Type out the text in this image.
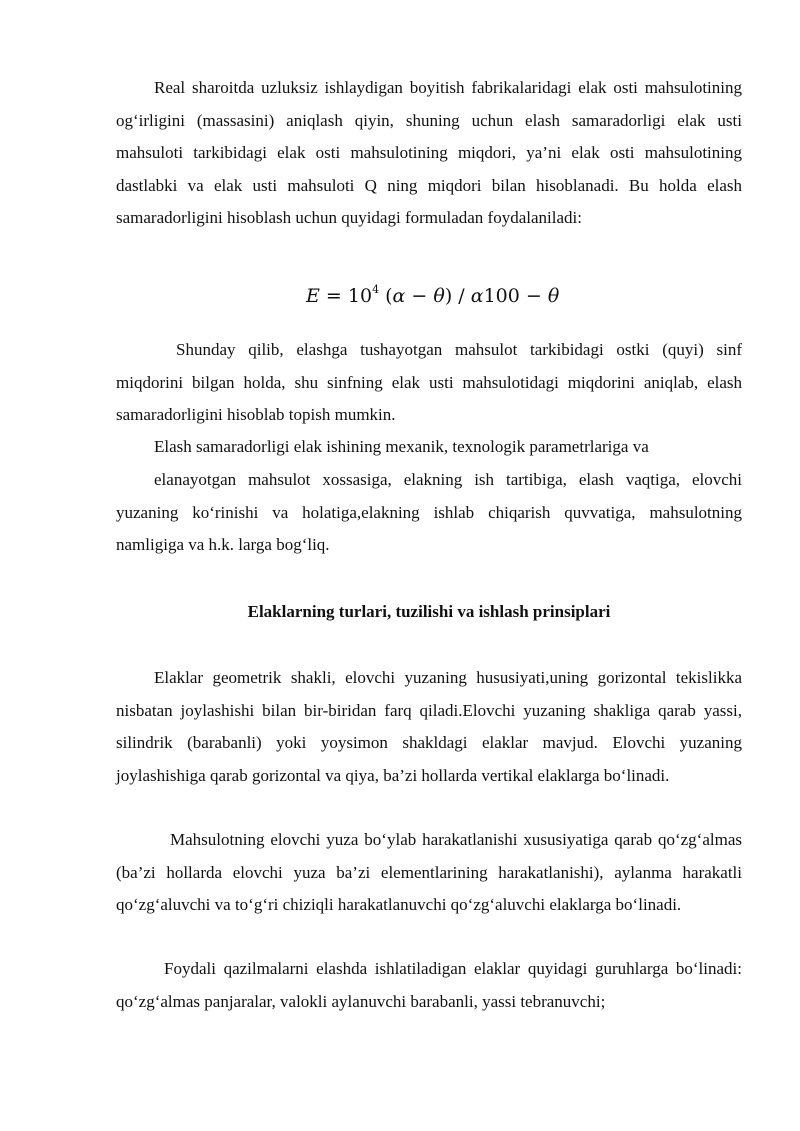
Real sharoitda uzluksiz ishlaydigan boyitish fabrikalaridagi elak osti mahsulotining og‘irligini (massasini) aniqlash qiyin, shuning uchun elash samaradorligi elak usti mahsuloti tarkibidagi elak osti mahsulotining miqdori, ya’ni elak osti mahsulotining dastlabki va elak usti mahsuloti Q ning miqdori bilan hisoblanadi. Bu holda elash samaradorligini hisoblash uchun quyidagi formuladan foydalaniladi:

$E = 10^4$ (α − θ) / α100 − θ

Shunday qilib, elashga tushayotgan mahsulot tarkibidagi ostki (quyi) sinf miqdorini bilgan holda, shu sinfning elak usti mahsulotidagi miqdorini aniqlab, elash samaradorligini hisoblab topish mumkin.

Elash samaradorligi elak ishining mexanik, texnologik parametrlariga va

elanayotgan mahsulot xossasiga, elakning ish tartibiga, elash vaqtiga, elovchi yuzaning ko‘rinishi va holatiga,elakning ishlab chiqarish quvvatiga, mahsulotning namligiga va h.k. larga bog‘liq.

Elaklarning turlari, tuzilishi va ishlash prinsiplari

Elaklar geometrik shakli, elovchi yuzaning hususiyati,uning gorizontal tekislikka nisbatan joylashishi bilan bir-biridan farq qiladi.Elovchi yuzaning shakliga qarab yassi, silindrik (barabanli) yoki yoysimon shakldagi elaklar mavjud. Elovchi yuzaning joylashishiga qarab gorizontal va qiya, ba’zi hollarda vertikal elaklarga bo‘linadi.

Mahsulotning elovchi yuza bo‘ylab harakatlanishi xususiyatiga qarab qo‘zg‘almas (ba’zi hollarda elovchi yuza ba’zi elementlarining harakatlanishi), aylanma harakatli qo‘zg‘aluvchi va to‘g‘ri chiziqli harakatlanuvchi qo‘zg‘aluvchi elaklarga bo‘linadi.

Foydali qazilmalarni elashda ishlatiladigan elaklar quyidagi guruhlarga bo‘linadi: qo‘zg‘almas panjaralar, valokli aylanuvchi barabanli, yassi tebranuvchi;
